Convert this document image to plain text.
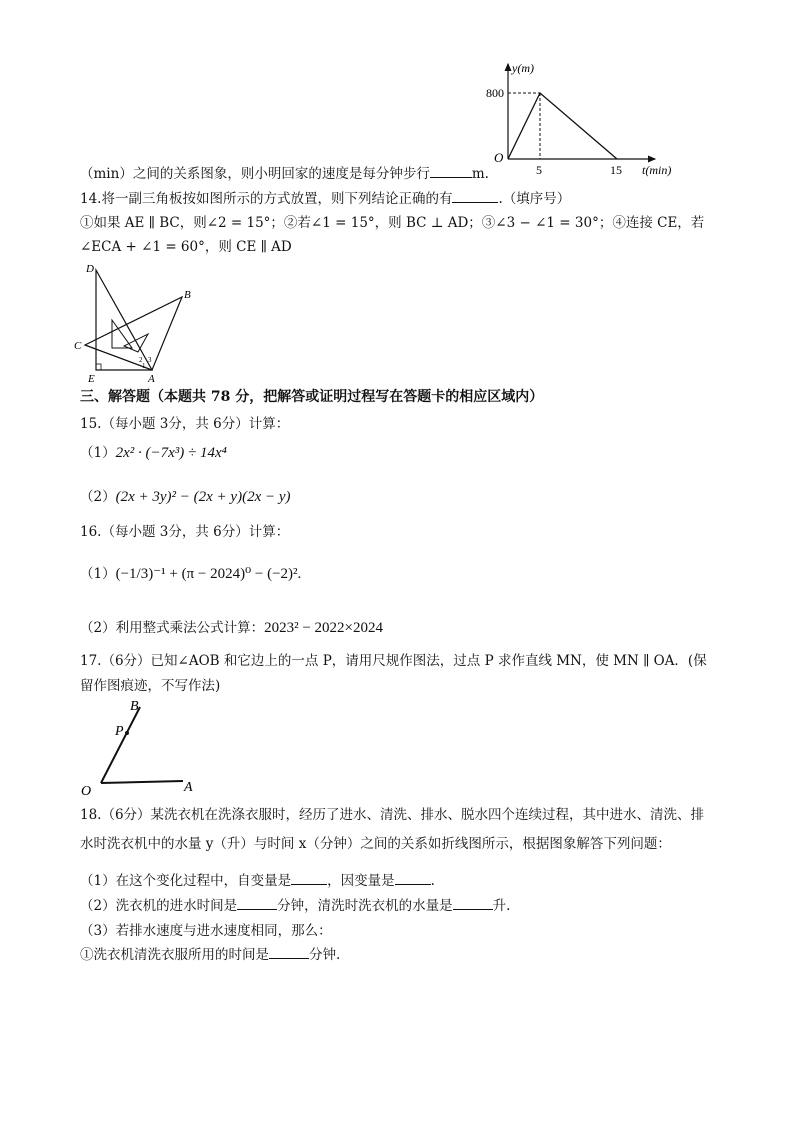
y(m)
O
800
5	15 t(min)
（min）之间的关系图象，则小明回家的速度是每分钟步行	m.
14.将一副三角板按如图所示的方式放置，则下列结论正确的有	.（填序号）
①如果 AE ∥ BC，则∠2 = 15°；②若∠1 = 15°，则 BC ⊥ AD；③∠3 − ∠1 = 30°；④连接 CE，若
∠ECA + ∠1 = 60°，则 CE ∥ AD
D
B
C
E	A
1
2 3
三、解答题（本题共 78 分，把解答或证明过程写在答题卡的相应区域内）
15.（每小题 3分，共 6分）计算：
（1）2x² · (−7x³) ÷ 14x⁴
（2）(2x + 3y)² − (2x + y)(2x − y)
16.（每小题 3分，共 6分）计算：
（1）(−1/3)⁻¹ + (π − 2024)⁰ − (−2)².
（2）利用整式乘法公式计算：2023² − 2022×2024
17.（6分）已知∠AOB 和它边上的一点 P，请用尺规作图法，过点 P 求作直线 MN，使 MN ∥ OA．(保
留作图痕迹，不写作法)
B
P
O	A
18.（6分）某洗衣机在洗涤衣服时，经历了进水、清洗、排水、脱水四个连续过程，其中进水、清洗、排
水时洗衣机中的水量 y（升）与时间 x（分钟）之间的关系如折线图所示，根据图象解答下列问题：
（1）在这个变化过程中，自变量是	，因变量是	.
（2）洗衣机的进水时间是	分钟，清洗时洗衣机的水量是	升.
（3）若排水速度与进水速度相同，那么：
①洗衣机清洗衣服所用的时间是	分钟.
